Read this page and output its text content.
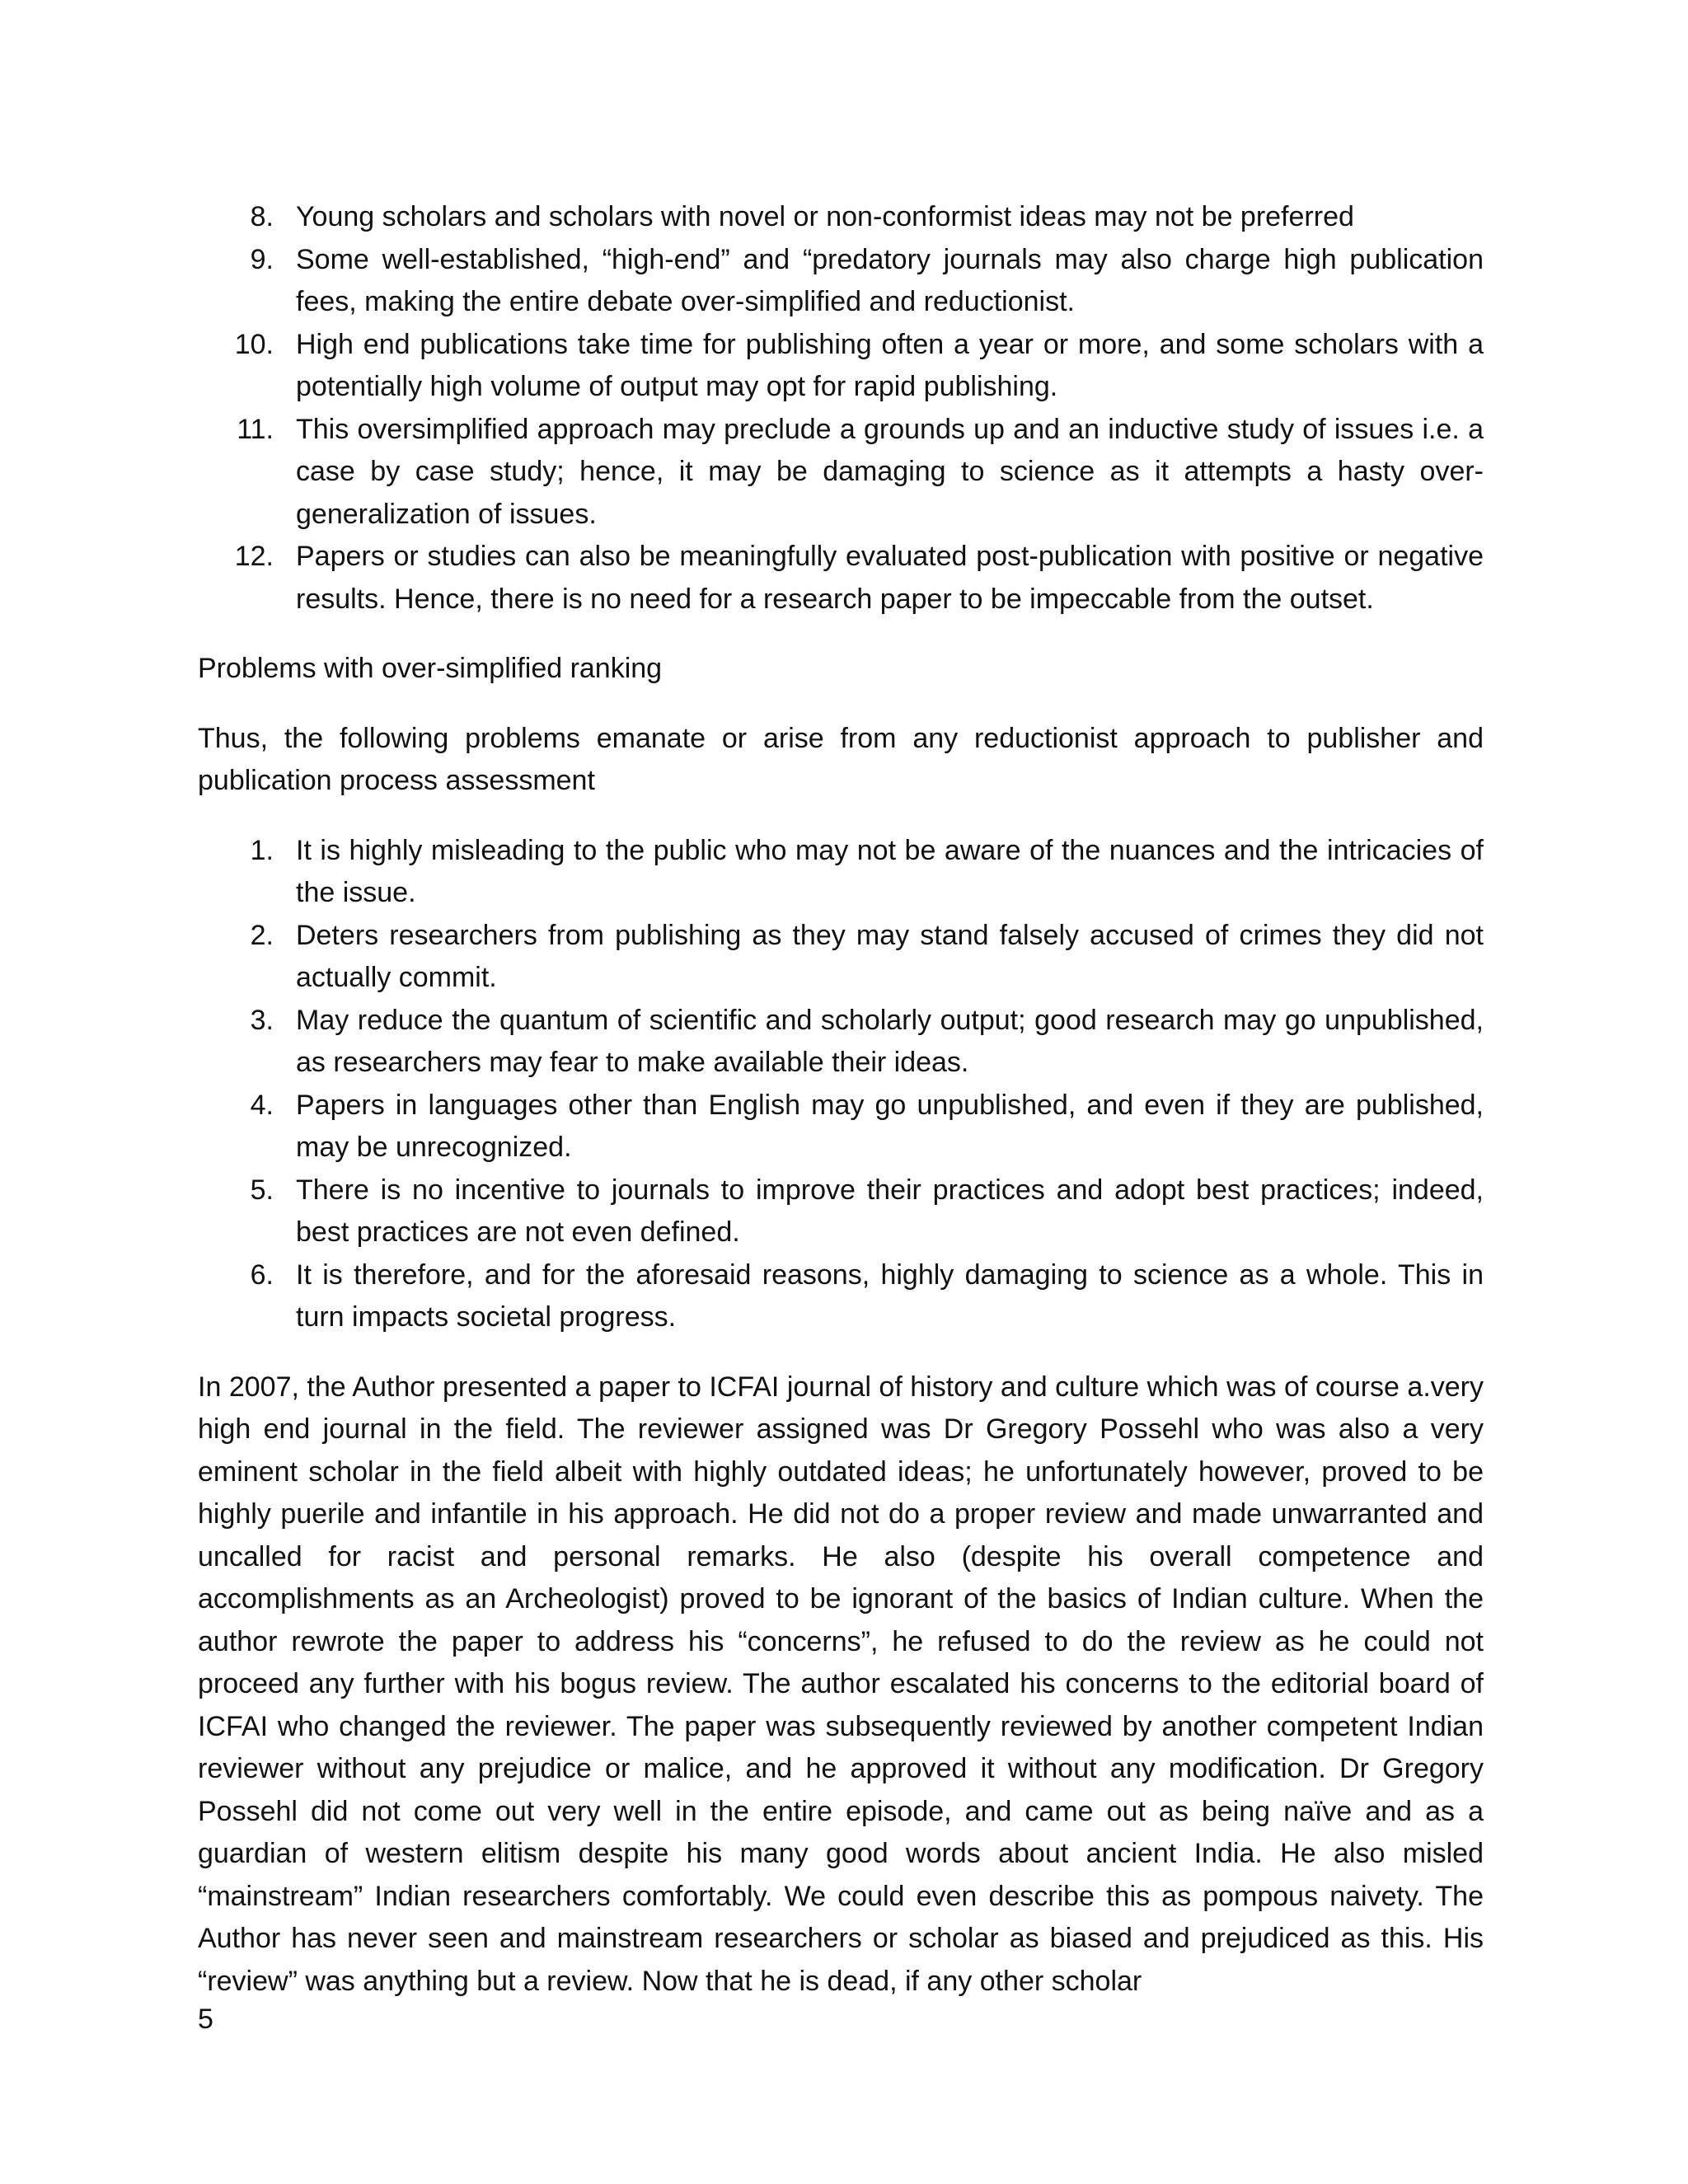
8. Young scholars and scholars with novel or non-conformist ideas may not be preferred
9. Some well-established, “high-end” and “predatory journals may also charge high publication fees, making the entire debate over-simplified and reductionist.
10. High end publications take time for publishing often a year or more, and some scholars with a potentially high volume of output may opt for rapid publishing.
11. This oversimplified approach may preclude a grounds up and an inductive study of issues i.e. a case by case study; hence, it may be damaging to science as it attempts a hasty over-generalization of issues.
12. Papers or studies can also be meaningfully evaluated post-publication with positive or negative results. Hence, there is no need for a research paper to be impeccable from the outset.
Problems with over-simplified ranking
Thus, the following problems emanate or arise from any reductionist approach to publisher and publication process assessment
1. It is highly misleading to the public who may not be aware of the nuances and the intricacies of the issue.
2. Deters researchers from publishing as they may stand falsely accused of crimes they did not actually commit.
3. May reduce the quantum of scientific and scholarly output; good research may go unpublished, as researchers may fear to make available their ideas.
4. Papers in languages other than English may go unpublished, and even if they are published, may be unrecognized.
5. There is no incentive to journals to improve their practices and adopt best practices; indeed, best practices are not even defined.
6. It is therefore, and for the aforesaid reasons, highly damaging to science as a whole. This in turn impacts societal progress.
In 2007, the Author presented a paper to ICFAI journal of history and culture which was of course a.very high end journal in the field. The reviewer assigned was Dr Gregory Possehl who was also a very eminent scholar in the field albeit with highly outdated ideas; he unfortunately however, proved to be highly puerile and infantile in his approach. He did not do a proper review and made unwarranted and uncalled for racist and personal remarks. He also (despite his overall competence and accomplishments as an Archeologist) proved to be ignorant of the basics of Indian culture. When the author rewrote the paper to address his “concerns”, he refused to do the review as he could not proceed any further with his bogus review. The author escalated his concerns to the editorial board of ICFAI who changed the reviewer. The paper was subsequently reviewed by another competent Indian reviewer without any prejudice or malice, and he approved it without any modification. Dr Gregory Possehl did not come out very well in the entire episode, and came out as being naïve and as a guardian of western elitism despite his many good words about ancient India. He also misled “mainstream” Indian researchers comfortably. We could even describe this as pompous naivety. The Author has never seen and mainstream researchers or scholar as biased and prejudiced as this. His “review” was anything but a review. Now that he is dead, if any other scholar
5
